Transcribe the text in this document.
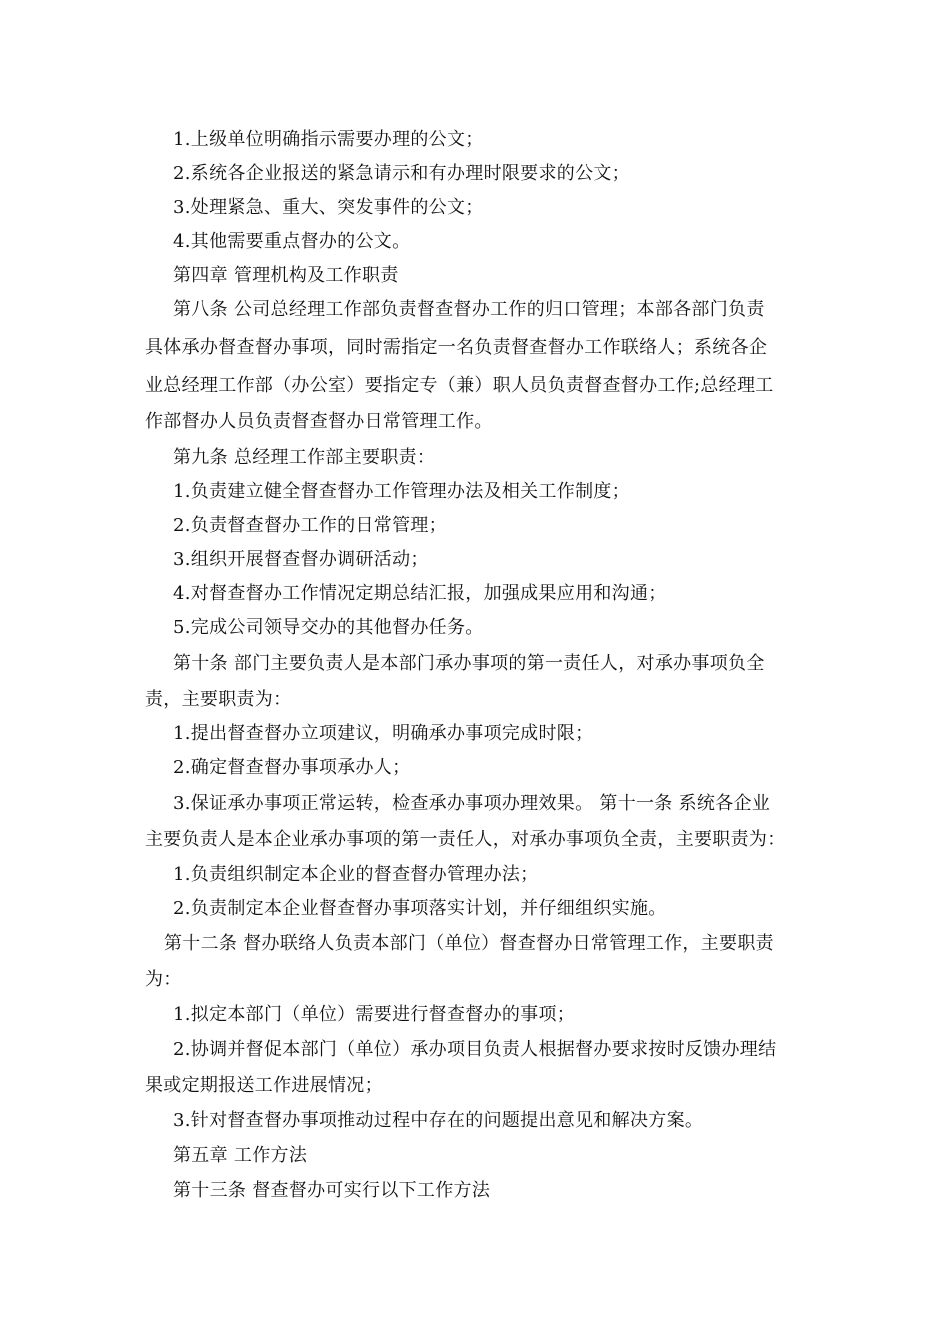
1.上级单位明确指示需要办理的公文；
2.系统各企业报送的紧急请示和有办理时限要求的公文；
3.处理紧急、重大、突发事件的公文；
4.其他需要重点督办的公文。
第四章 管理机构及工作职责
第八条 公司总经理工作部负责督查督办工作的归口管理；本部各部门负责
具体承办督查督办事项，同时需指定一名负责督查督办工作联络人；系统各企
业总经理工作部（办公室）要指定专（兼）职人员负责督查督办工作;总经理工
作部督办人员负责督查督办日常管理工作。
第九条 总经理工作部主要职责：
1.负责建立健全督查督办工作管理办法及相关工作制度；
2.负责督查督办工作的日常管理；
3.组织开展督查督办调研活动；
4.对督查督办工作情况定期总结汇报，加强成果应用和沟通；
5.完成公司领导交办的其他督办任务。
第十条 部门主要负责人是本部门承办事项的第一责任人，对承办事项负全
责，主要职责为：
1.提出督查督办立项建议，明确承办事项完成时限；
2.确定督查督办事项承办人；
3.保证承办事项正常运转，检查承办事项办理效果。 第十一条 系统各企业
主要负责人是本企业承办事项的第一责任人，对承办事项负全责，主要职责为：
1.负责组织制定本企业的督查督办管理办法；
2.负责制定本企业督查督办事项落实计划，并仔细组织实施。
第十二条 督办联络人负责本部门（单位）督查督办日常管理工作，主要职责
为：
1.拟定本部门（单位）需要进行督查督办的事项；
2.协调并督促本部门（单位）承办项目负责人根据督办要求按时反馈办理结
果或定期报送工作进展情况；
3.针对督查督办事项推动过程中存在的问题提出意见和解决方案。
第五章 工作方法
第十三条 督查督办可实行以下工作方法
